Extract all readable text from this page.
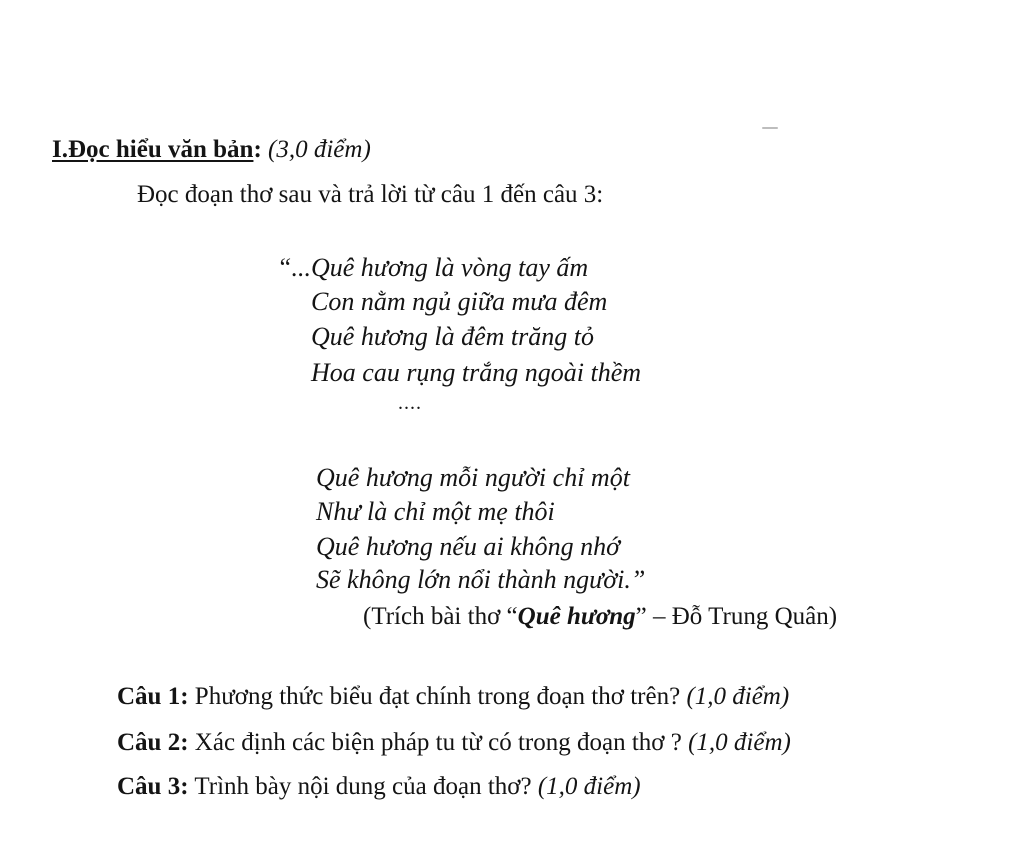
I.Đọc hiểu văn bản: (3,0 điểm)
Đọc đoạn thơ sau và trả lời từ câu 1 đến câu 3:
“...Quê hương là vòng tay ấm
Con nằm ngủ giữa mưa đêm
Quê hương là đêm trăng tỏ
Hoa cau rụng trắng ngoài thềm
....
Quê hương mỗi người chỉ một
Như là chỉ một mẹ thôi
Quê hương nếu ai không nhớ
Sẽ không lớn nổi thành người.”
(Trích bài thơ “Quê hương” – Đỗ Trung Quân)
Câu 1: Phương thức biểu đạt chính trong đoạn thơ trên? (1,0 điểm)
Câu 2: Xác định các biện pháp tu từ có trong đoạn thơ ? (1,0 điểm)
Câu 3: Trình bày nội dung của đoạn thơ? (1,0 điểm)
